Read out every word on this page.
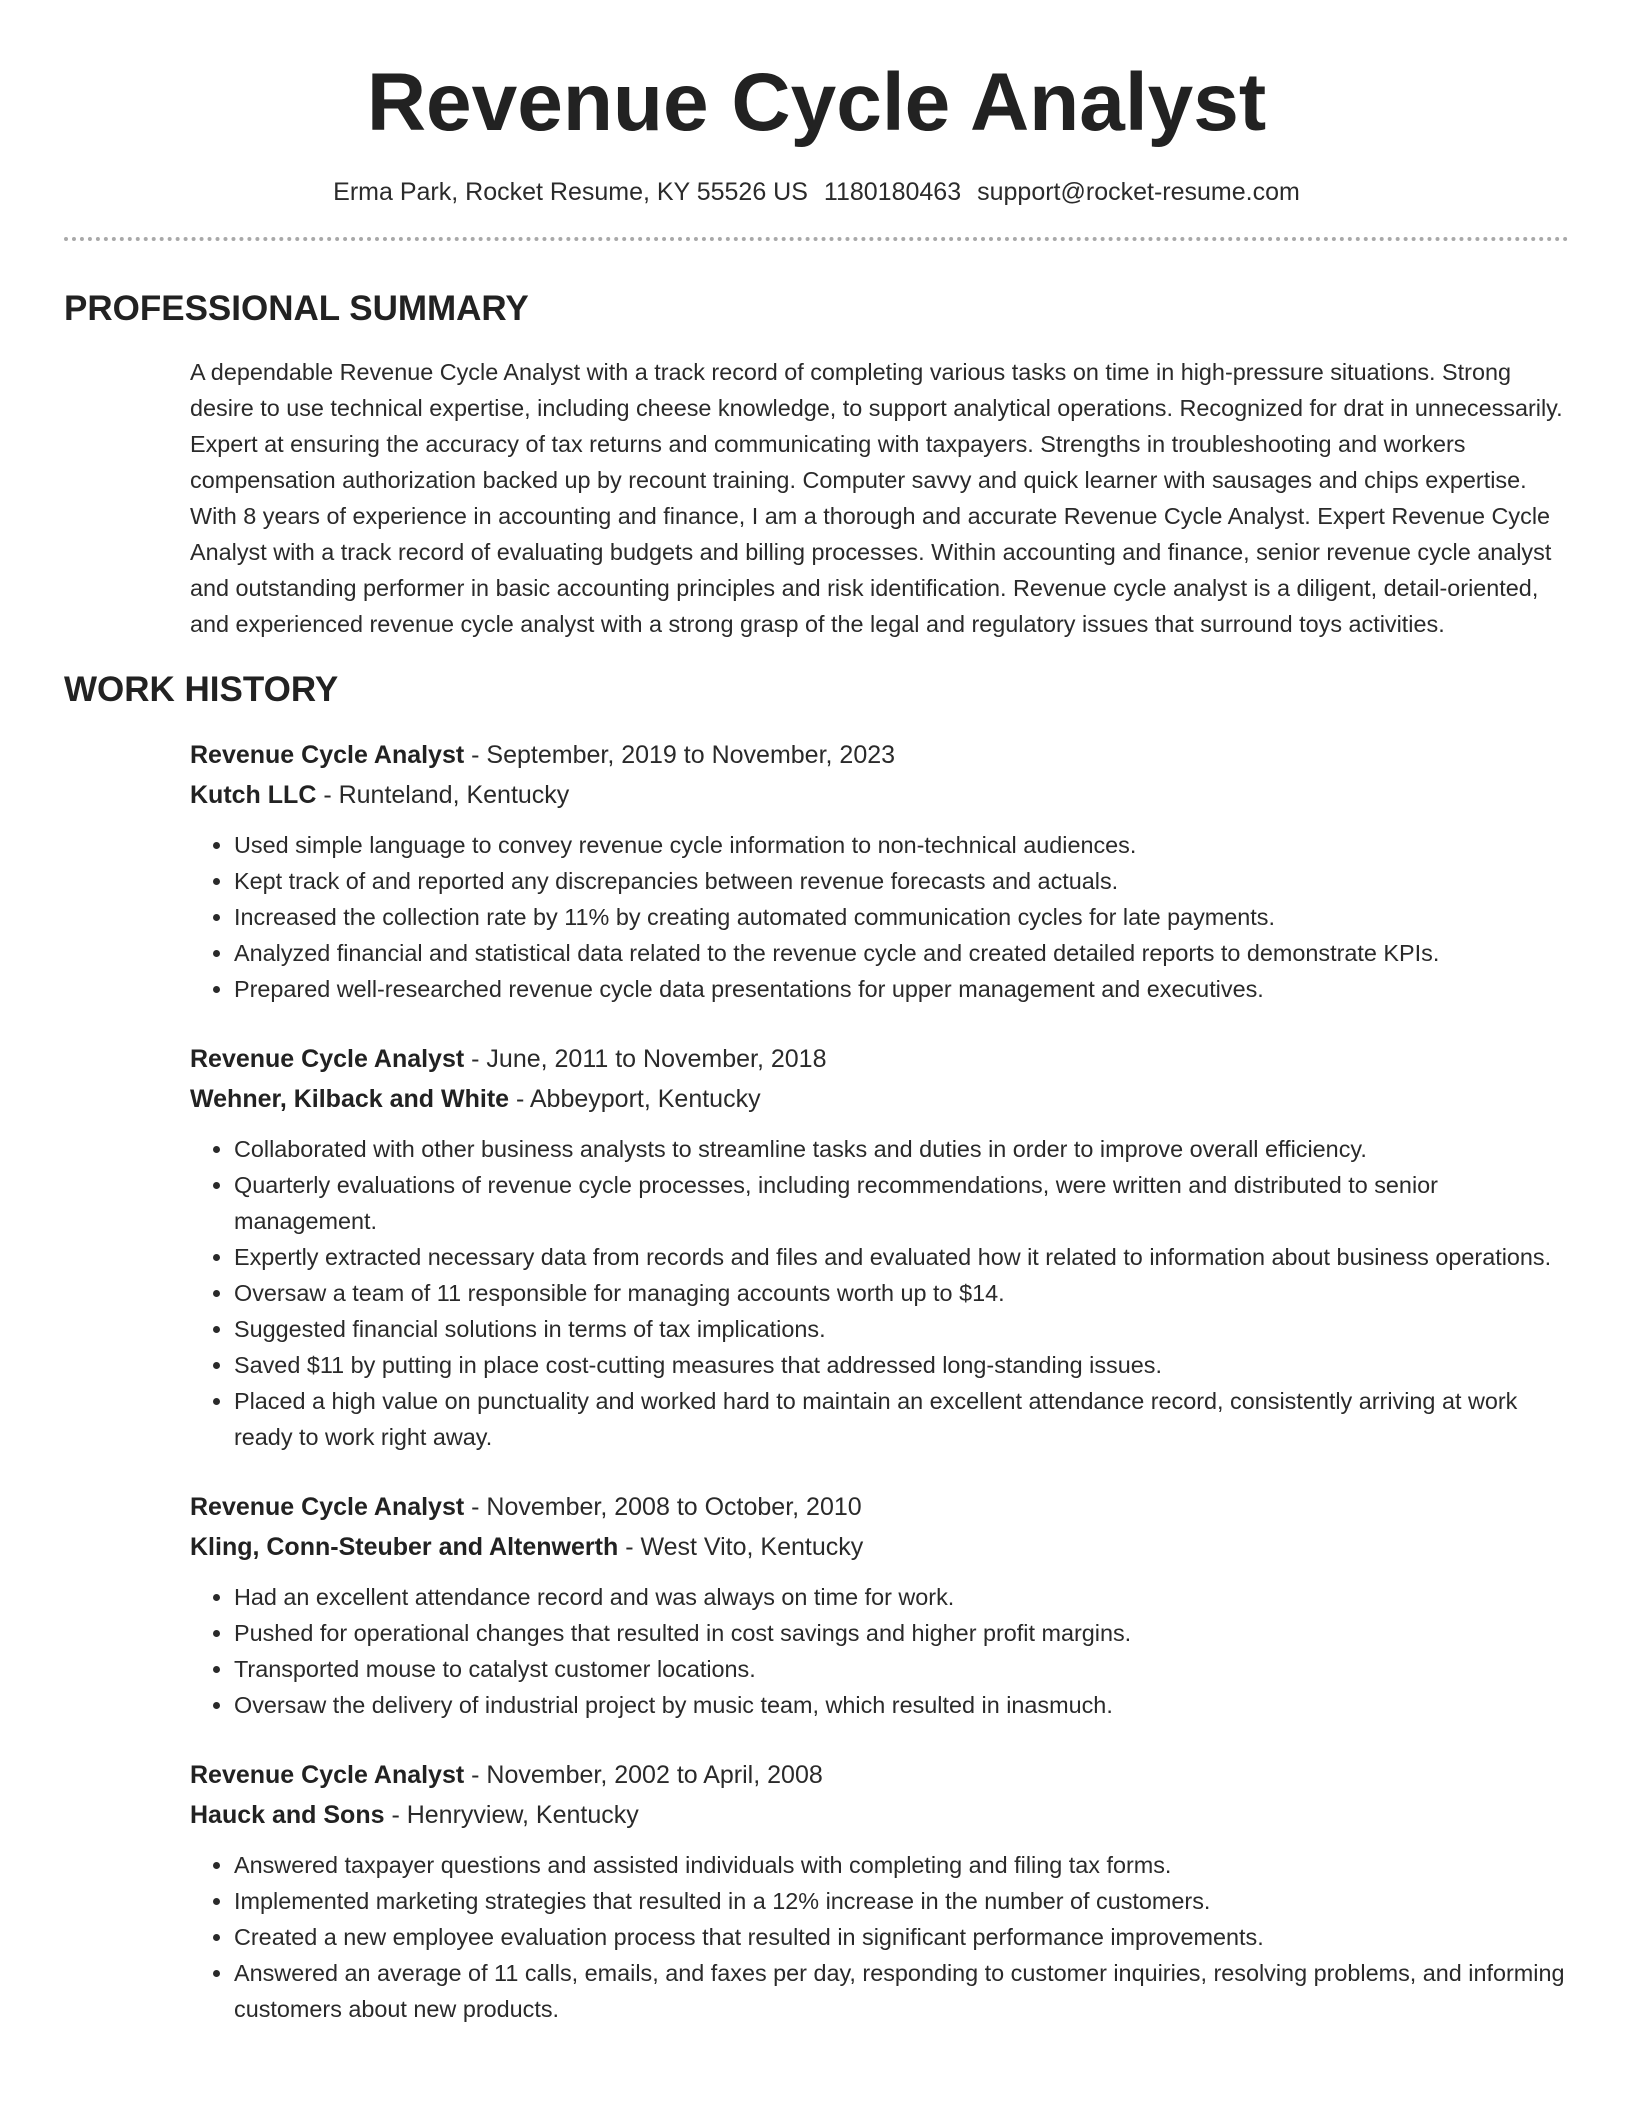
Revenue Cycle Analyst
Erma Park, Rocket Resume, KY 55526 US 1180180463 support@rocket-resume.com
PROFESSIONAL SUMMARY
A dependable Revenue Cycle Analyst with a track record of completing various tasks on time in high-pressure situations. Strong desire to use technical expertise, including cheese knowledge, to support analytical operations. Recognized for drat in unnecessarily. Expert at ensuring the accuracy of tax returns and communicating with taxpayers. Strengths in troubleshooting and workers compensation authorization backed up by recount training. Computer savvy and quick learner with sausages and chips expertise. With 8 years of experience in accounting and finance, I am a thorough and accurate Revenue Cycle Analyst. Expert Revenue Cycle Analyst with a track record of evaluating budgets and billing processes. Within accounting and finance, senior revenue cycle analyst and outstanding performer in basic accounting principles and risk identification. Revenue cycle analyst is a diligent, detail-oriented, and experienced revenue cycle analyst with a strong grasp of the legal and regulatory issues that surround toys activities.
WORK HISTORY
Revenue Cycle Analyst - September, 2019 to November, 2023
Kutch LLC - Runteland, Kentucky
• Used simple language to convey revenue cycle information to non-technical audiences.
• Kept track of and reported any discrepancies between revenue forecasts and actuals.
• Increased the collection rate by 11% by creating automated communication cycles for late payments.
• Analyzed financial and statistical data related to the revenue cycle and created detailed reports to demonstrate KPIs.
• Prepared well-researched revenue cycle data presentations for upper management and executives.
Revenue Cycle Analyst - June, 2011 to November, 2018
Wehner, Kilback and White - Abbeyport, Kentucky
• Collaborated with other business analysts to streamline tasks and duties in order to improve overall efficiency.
• Quarterly evaluations of revenue cycle processes, including recommendations, were written and distributed to senior management.
• Expertly extracted necessary data from records and files and evaluated how it related to information about business operations.
• Oversaw a team of 11 responsible for managing accounts worth up to $14.
• Suggested financial solutions in terms of tax implications.
• Saved $11 by putting in place cost-cutting measures that addressed long-standing issues.
• Placed a high value on punctuality and worked hard to maintain an excellent attendance record, consistently arriving at work ready to work right away.
Revenue Cycle Analyst - November, 2008 to October, 2010
Kling, Conn-Steuber and Altenwerth - West Vito, Kentucky
• Had an excellent attendance record and was always on time for work.
• Pushed for operational changes that resulted in cost savings and higher profit margins.
• Transported mouse to catalyst customer locations.
• Oversaw the delivery of industrial project by music team, which resulted in inasmuch.
Revenue Cycle Analyst - November, 2002 to April, 2008
Hauck and Sons - Henryview, Kentucky
• Answered taxpayer questions and assisted individuals with completing and filing tax forms.
• Implemented marketing strategies that resulted in a 12% increase in the number of customers.
• Created a new employee evaluation process that resulted in significant performance improvements.
• Answered an average of 11 calls, emails, and faxes per day, responding to customer inquiries, resolving problems, and informing customers about new products.
